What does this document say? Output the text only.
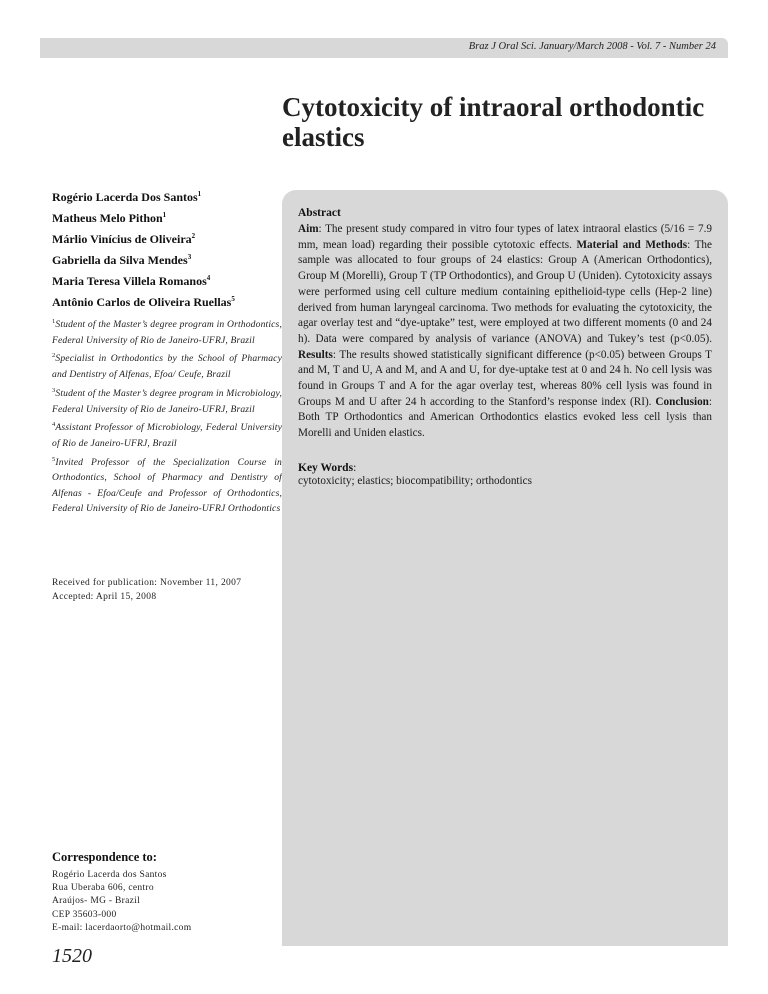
Braz J Oral Sci. January/March 2008 - Vol. 7 - Number 24
Cytotoxicity of intraoral orthodontic elastics
Rogério Lacerda Dos Santos$^1$
Matheus Melo Pithon$^1$
Márlio Vinícius de Oliveira$^2$
Gabriella da Silva Mendes$^3$
Maria Teresa Villela Romanos$^4$
Antônio Carlos de Oliveira Ruellas$^5$
$^1$Student of the Master’s degree program in Orthodontics, Federal University of Rio de Janeiro-UFRJ, Brazil
$^2$Specialist in Orthodontics by the School of Pharmacy and Dentistry of Alfenas, Efoa/ Ceufe, Brazil
$^3$Student of the Master’s degree program in Microbiology, Federal University of Rio de Janeiro-UFRJ, Brazil
$^4$Assistant Professor of Microbiology, Federal University of Rio de Janeiro-UFRJ, Brazil
$^5$Invited Professor of the Specialization Course in Orthodontics, School of Pharmacy and Dentistry of Alfenas - Efoa/Ceufe and Professor of Orthodontics, Federal University of Rio de Janeiro-UFRJ Orthodontics
Received for publication: November 11, 2007
Accepted: April 15, 2008
Correspondence to:
Rogério Lacerda dos Santos
Rua Uberaba 606, centro
Araújos- MG - Brazil
CEP 35603-000
E-mail: lacerdaorto@hotmail.com
1520
Abstract
Aim: The present study compared in vitro four types of latex intraoral elastics (5/16 = 7.9 mm, mean load) regarding their possible cytotoxic effects. Material and Methods: The sample was allocated to four groups of 24 elastics: Group A (American Orthodontics), Group M (Morelli), Group T (TP Orthodontics), and Group U (Uniden). Cytotoxicity assays were performed using cell culture medium containing epithelioid-type cells (Hep-2 line) derived from human laryngeal carcinoma. Two methods for evaluating the cytotoxicity, the agar overlay test and “dye-uptake” test, were employed at two different moments (0 and 24 h). Data were compared by analysis of variance (ANOVA) and Tukey’s test (p<0.05). Results: The results showed statistically significant difference (p<0.05) between Groups T and M, T and U, A and M, and A and U, for dye-uptake test at 0 and 24 h. No cell lysis was found in Groups T and A for the agar overlay test, whereas 80% cell lysis was found in Groups M and U after 24 h according to the Stanford’s response index (RI). Conclusion: Both TP Orthodontics and American Orthodontics elastics evoked less cell lysis than Morelli and Uniden elastics.
Key Words:
cytotoxicity; elastics; biocompatibility; orthodontics
